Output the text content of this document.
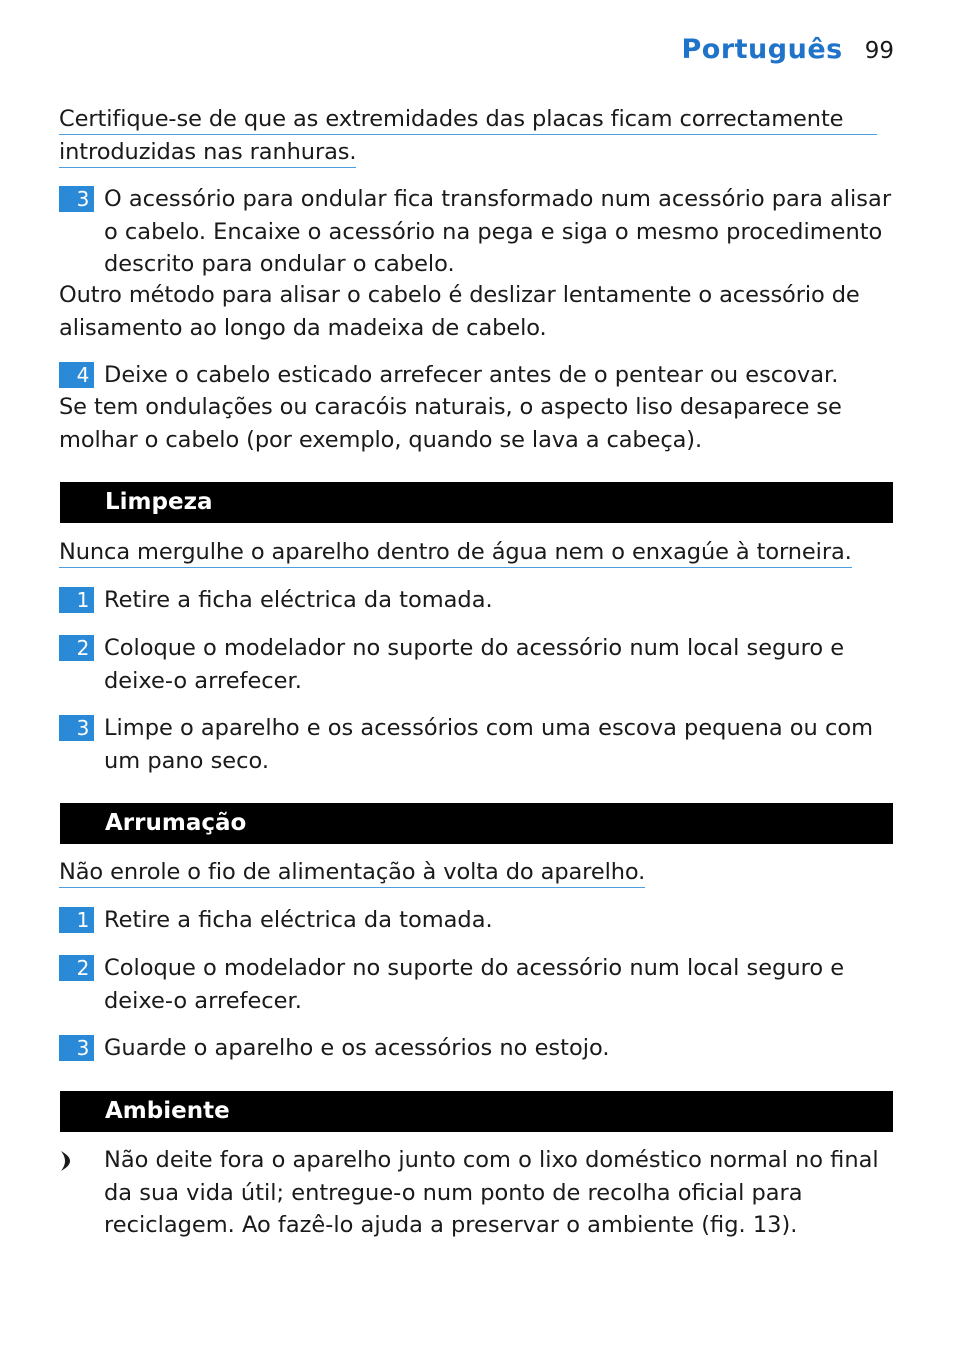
Português 99
Certifique-se de que as extremidades das placas ficam correctamente
introduzidas nas ranhuras.
3 O acessório para ondular fica transformado num acessório para alisar o cabelo. Encaixe o acessório na pega e siga o mesmo procedimento descrito para ondular o cabelo.

Outro método para alisar o cabelo é deslizar lentamente o acessório de alisamento ao longo da madeixa de cabelo.

4 Deixe o cabelo esticado arrefecer antes de o pentear ou escovar.

Se tem ondulações ou caracóis naturais, o aspecto liso desaparece se molhar o cabelo (por exemplo, quando se lava a cabeça).

Limpeza
Nunca mergulhe o aparelho dentro de água nem o enxagúe à torneira.
1 Retire a ficha eléctrica da tomada.
2 Coloque o modelador no suporte do acessório num local seguro e deixe-o arrefecer.
3 Limpe o aparelho e os acessórios com uma escova pequena ou com um pano seco.
Arrumação
Não enrole o fio de alimentação à volta do aparelho.
1 Retire a ficha eléctrica da tomada.
2 Coloque o modelador no suporte do acessório num local seguro e deixe-o arrefecer.
3 Guarde o aparelho e os acessórios no estojo.
Ambiente
Não deite fora o aparelho junto com o lixo doméstico normal no final da sua vida útil; entregue-o num ponto de recolha oficial para reciclagem. Ao fazê-lo ajuda a preservar o ambiente (fig. 13).
